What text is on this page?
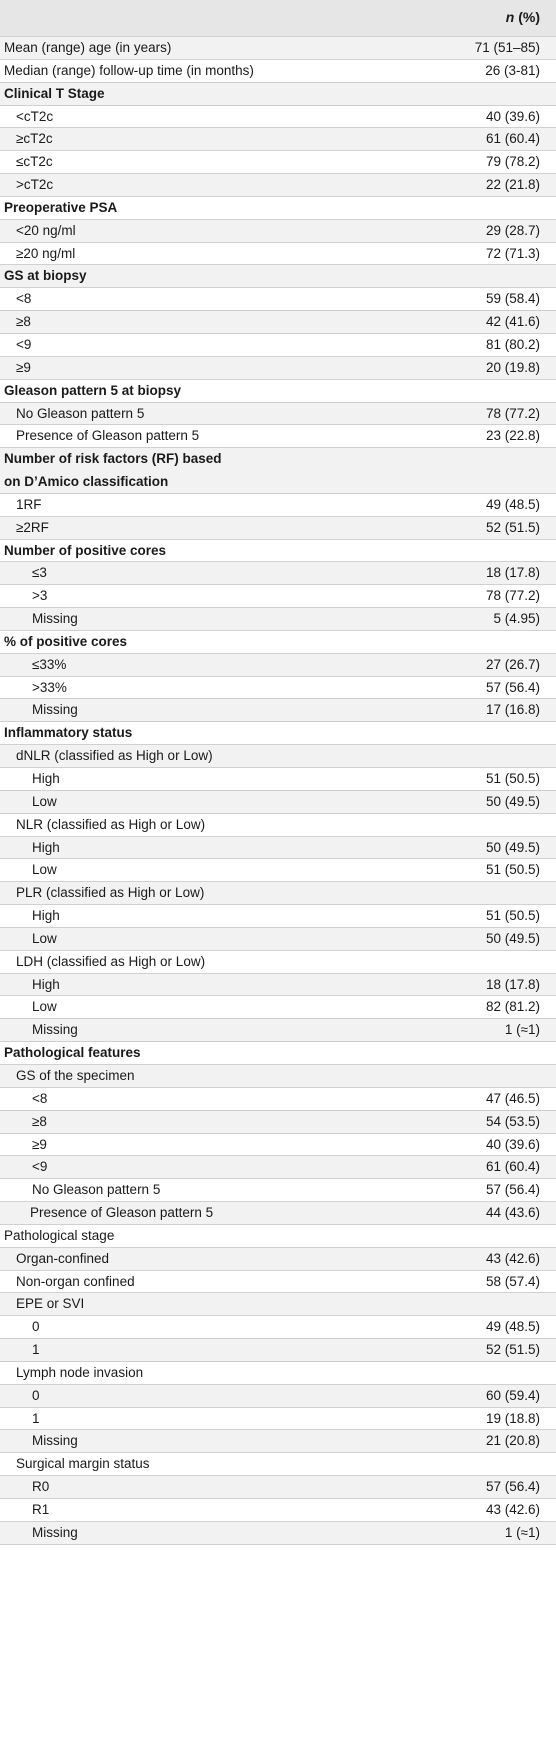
n (%)
Mean (range) age (in years)	71 (51–85)
Median (range) follow-up time (in months)	26 (3-81)
Clinical T Stage
<cT2c	40 (39.6)
≥cT2c	61 (60.4)
≤cT2c	79 (78.2)
>cT2c	22 (21.8)
Preoperative PSA
<20 ng/ml	29 (28.7)
≥20 ng/ml	72 (71.3)
GS at biopsy
<8	59 (58.4)
≥8	42 (41.6)
<9	81 (80.2)
≥9	20 (19.8)
Gleason pattern 5 at biopsy
No Gleason pattern 5	78 (77.2)
Presence of Gleason pattern 5	23 (22.8)
Number of risk factors (RF) based
on D’Amico classification
1RF	49 (48.5)
≥2RF	52 (51.5)
Number of positive cores
≤3	18 (17.8)
>3	78 (77.2)
Missing	5 (4.95)
% of positive cores
≤33%	27 (26.7)
>33%	57 (56.4)
Missing	17 (16.8)
Inflammatory status
dNLR (classified as High or Low)
High	51 (50.5)
Low	50 (49.5)
NLR (classified as High or Low)
High	50 (49.5)
Low	51 (50.5)
PLR (classified as High or Low)
High	51 (50.5)
Low	50 (49.5)
LDH (classified as High or Low)
High	18 (17.8)
Low	82 (81.2)
Missing	1 (≈1)
Pathological features
GS of the specimen
<8	47 (46.5)
≥8	54 (53.5)
≥9	40 (39.6)
<9	61 (60.4)
No Gleason pattern 5	57 (56.4)
Presence of Gleason pattern 5	44 (43.6)
Pathological stage
Organ-confined	43 (42.6)
Non-organ confined	58 (57.4)
EPE or SVI
0	49 (48.5)
1	52 (51.5)
Lymph node invasion
0	60 (59.4)
1	19 (18.8)
Missing	21 (20.8)
Surgical margin status
R0	57 (56.4)
R1	43 (42.6)
Missing	1 (≈1)
